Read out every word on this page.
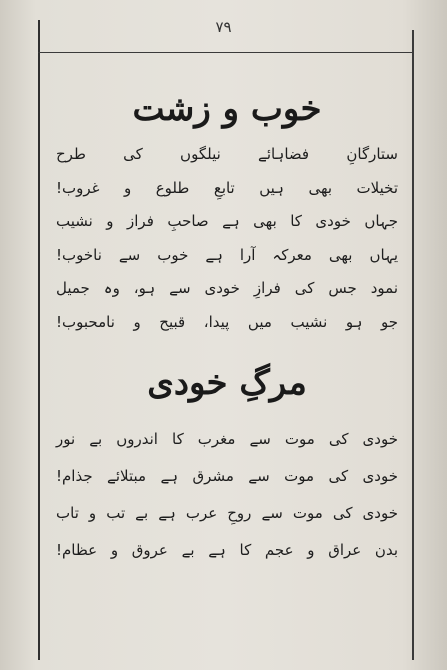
۷۹
خوب و زشت
ستارگانِ فضاہائے نیلگوں کی طرح
تخیلات بھی ہیں تابعِ طلوع و غروب!
جہاں خودی کا بھی ہے صاحبِ فراز و نشیب
یہاں بھی معرکہ آرا ہے خوب سے ناخوب!
نمود جس کی فرازِ خودی سے ہو، وہ جمیل
جو ہو نشیب میں پیدا، قبیح و نامحبوب!
مرگِ خودی
خودی کی موت سے مغرب کا اندروں بے نور
خودی کی موت سے مشرق ہے مبتلائے جذام!
خودی کی موت سے روحِ عرب ہے بے تب و تاب
بدن عراق و عجم کا ہے بے عروق و عظام!
